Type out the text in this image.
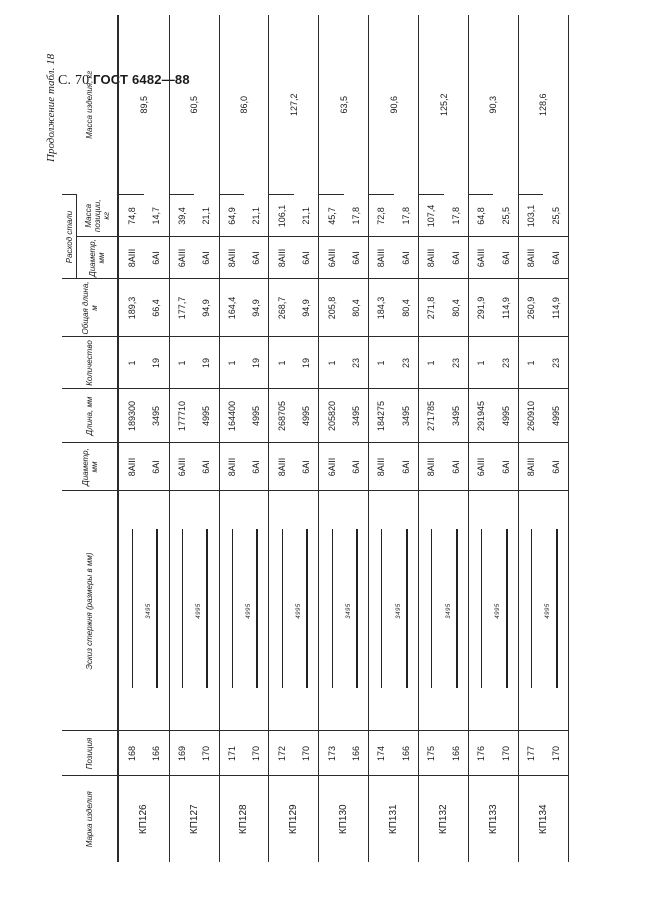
С. 70 ГОСТ 6482—88
Продолжение табл. 18
Марка изделия	Позиция	Эскиз стержня (размеры в мм)	Диаметр, мм	Длина, мм	Количество	Общая длина, м	Расход стали		Масса изделия, кг
							Диаметр, мм	Масса позиции, кг	
КП126	168		8AIII	189300	1	189,3	8AIII	74,8	89,5
	166	3495	6AI	3495	19	66,4	6AI	14,7	
КП127	169		6AIII	177710	1	177,7	6AIII	39,4	60,5
	170	4995	6AI	4995	19	94,9	6AI	21,1	
КП128	171		8AIII	164400	1	164,4	8AIII	64,9	86,0
	170	4995	6AI	4995	19	94,9	6AI	21,1	
КП129	172		8AIII	268705	1	268,7	8AIII	106,1	127,2
	170	4995	6AI	4995	19	94,9	6AI	21,1	
КП130	173		6AIII	205820	1	205,8	6AIII	45,7	63,5
	166	3495	6AI	3495	23	80,4	6AI	17,8	
КП131	174		8AIII	184275	1	184,3	8AIII	72,8	90,6
	166	3495	6AI	3495	23	80,4	6AI	17,8	
КП132	175		8AIII	271785	1	271,8	8AIII	107,4	125,2
	166	3495	6AI	3495	23	80,4	6AI	17,8	
КП133	176		6AIII	291945	1	291,9	6AIII	64,8	90,3
	170	4995	6AI	4995	23	114,9	6AI	25,5	
КП134	177		8AIII	260910	1	260,9	8AIII	103,1	128,6
	170	4995	6AI	4995	23	114,9	6AI	25,5	
